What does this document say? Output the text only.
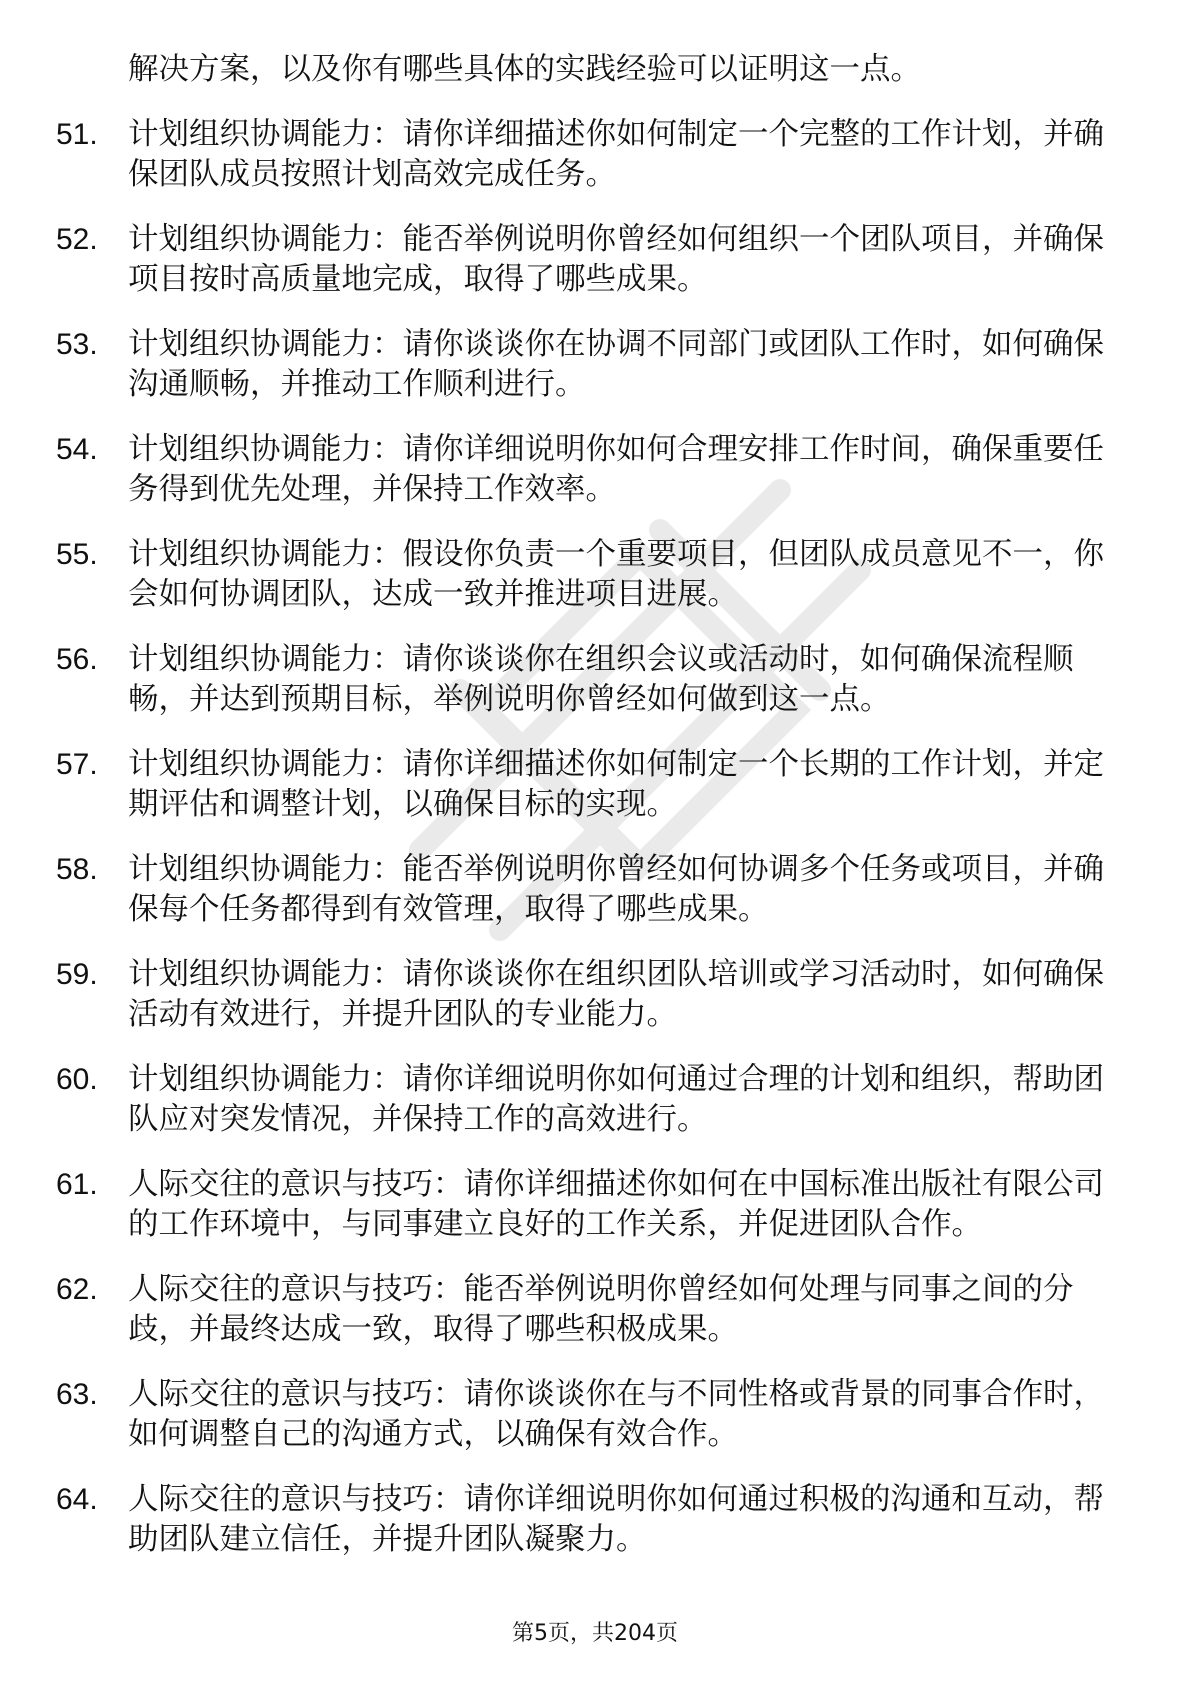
解决方案，以及你有哪些具体的实践经验可以证明这一点。
51. 计划组织协调能力：请你详细描述你如何制定一个完整的工作计划，并确保团队成员按照计划高效完成任务。
52. 计划组织协调能力：能否举例说明你曾经如何组织一个团队项目，并确保项目按时高质量地完成，取得了哪些成果。
53. 计划组织协调能力：请你谈谈你在协调不同部门或团队工作时，如何确保沟通顺畅，并推动工作顺利进行。
54. 计划组织协调能力：请你详细说明你如何合理安排工作时间，确保重要任务得到优先处理，并保持工作效率。
55. 计划组织协调能力：假设你负责一个重要项目，但团队成员意见不一，你会如何协调团队，达成一致并推进项目进展。
56. 计划组织协调能力：请你谈谈你在组织会议或活动时，如何确保流程顺畅，并达到预期目标，举例说明你曾经如何做到这一点。
57. 计划组织协调能力：请你详细描述你如何制定一个长期的工作计划，并定期评估和调整计划，以确保目标的实现。
58. 计划组织协调能力：能否举例说明你曾经如何协调多个任务或项目，并确保每个任务都得到有效管理，取得了哪些成果。
59. 计划组织协调能力：请你谈谈你在组织团队培训或学习活动时，如何确保活动有效进行，并提升团队的专业能力。
60. 计划组织协调能力：请你详细说明你如何通过合理的计划和组织，帮助团队应对突发情况，并保持工作的高效进行。
61. 人际交往的意识与技巧：请你详细描述你如何在中国标准出版社有限公司的工作环境中，与同事建立良好的工作关系，并促进团队合作。
62. 人际交往的意识与技巧：能否举例说明你曾经如何处理与同事之间的分歧，并最终达成一致，取得了哪些积极成果。
63. 人际交往的意识与技巧：请你谈谈你在与不同性格或背景的同事合作时，如何调整自己的沟通方式，以确保有效合作。
64. 人际交往的意识与技巧：请你详细说明你如何通过积极的沟通和互动，帮助团队建立信任，并提升团队凝聚力。
第5页，共204页
